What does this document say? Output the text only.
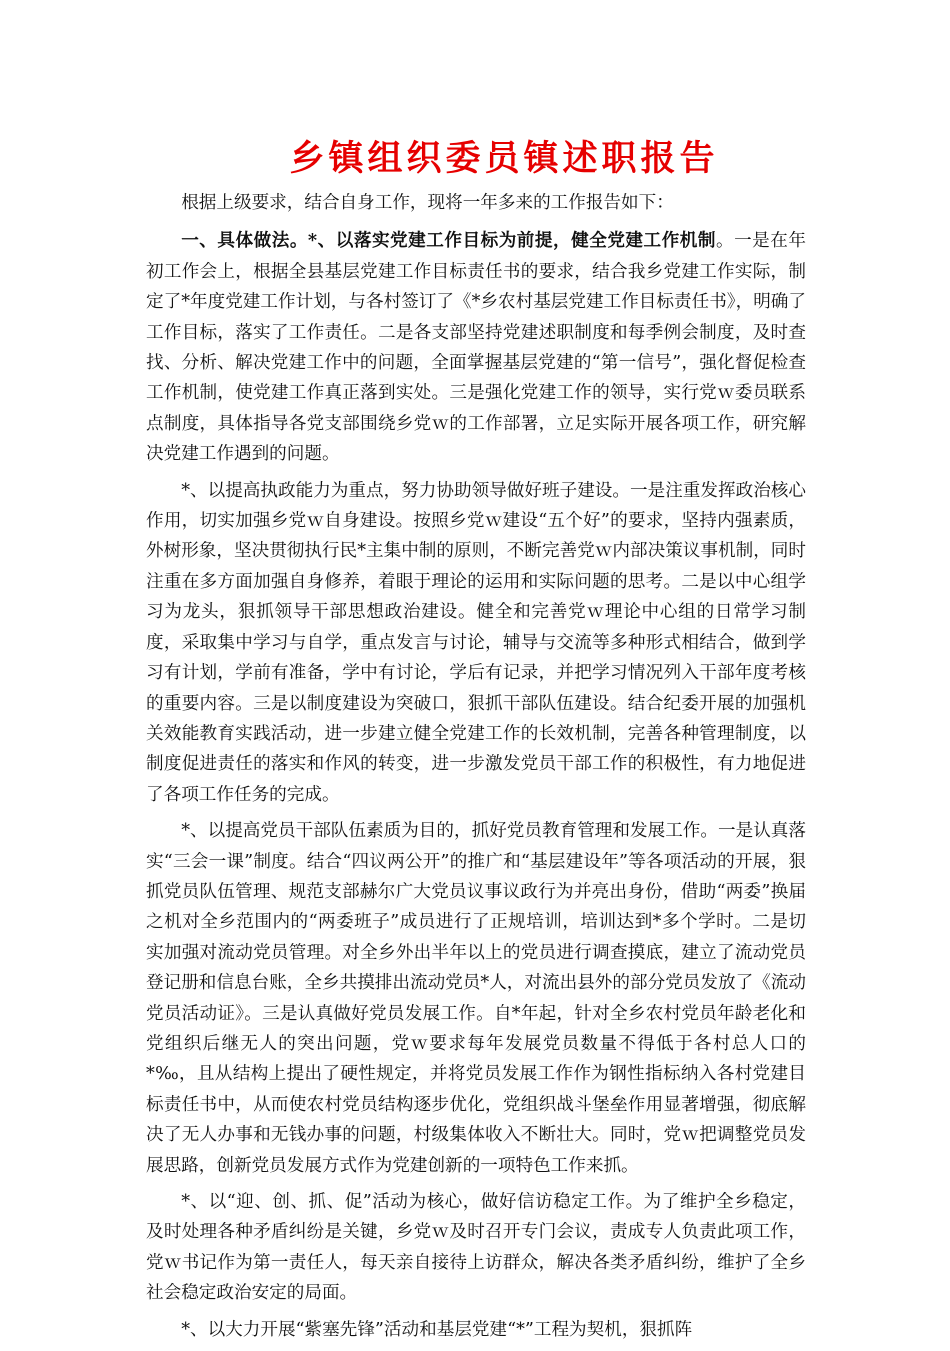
乡镇组织委员镇述职报告

根据上级要求，结合自身工作，现将一年多来的工作报告如下：

一、具体做法。*、以落实党建工作目标为前提，健全党建工作机制。一是在年初工作会上，根据全县基层党建工作目标责任书的要求，结合我乡党建工作实际，制定了*年度党建工作计划，与各村签订了《*乡农村基层党建工作目标责任书》，明确了工作目标，落实了工作责任。二是各支部坚持党建述职制度和每季例会制度，及时查找、分析、解决党建工作中的问题，全面掌握基层党建的“第一信号”，强化督促检查工作机制，使党建工作真正落到实处。三是强化党建工作的领导，实行党ｗ委员联系点制度，具体指导各党支部围绕乡党ｗ的工作部署，立足实际开展各项工作，研究解决党建工作遇到的问题。

*、以提高执政能力为重点，努力协助领导做好班子建设。一是注重发挥政治核心作用，切实加强乡党ｗ自身建设。按照乡党ｗ建设“五个好”的要求，坚持内强素质，外树形象，坚决贯彻执行民*主集中制的原则，不断完善党ｗ内部决策议事机制，同时注重在多方面加强自身修养，着眼于理论的运用和实际问题的思考。二是以中心组学习为龙头，狠抓领导干部思想政治建设。健全和完善党ｗ理论中心组的日常学习制度，采取集中学习与自学，重点发言与讨论，辅导与交流等多种形式相结合，做到学习有计划，学前有准备，学中有讨论，学后有记录，并把学习情况列入干部年度考核的重要内容。三是以制度建设为突破口，狠抓干部队伍建设。结合纪委开展的加强机关效能教育实践活动，进一步建立健全党建工作的长效机制，完善各种管理制度，以制度促进责任的落实和作风的转变，进一步激发党员干部工作的积极性，有力地促进了各项工作任务的完成。

*、以提高党员干部队伍素质为目的，抓好党员教育管理和发展工作。一是认真落实“三会一课”制度。结合“四议两公开”的推广和“基层建设年”等各项活动的开展，狠抓党员队伍管理、规范支部赫尔广大党员议事议政行为并亮出身份，借助“两委”换届之机对全乡范围内的“两委班子”成员进行了正规培训，培训达到*多个学时。二是切实加强对流动党员管理。对全乡外出半年以上的党员进行调查摸底，建立了流动党员登记册和信息台账，全乡共摸排出流动党员*人，对流出县外的部分党员发放了《流动党员活动证》。三是认真做好党员发展工作。自*年起，针对全乡农村党员年龄老化和党组织后继无人的突出问题，党ｗ要求每年发展党员数量不得低于各村总人口的*‰，且从结构上提出了硬性规定，并将党员发展工作作为钢性指标纳入各村党建目标责任书中，从而使农村党员结构逐步优化，党组织战斗堡垒作用显著增强，彻底解决了无人办事和无钱办事的问题，村级集体收入不断壮大。同时，党ｗ把调整党员发展思路，创新党员发展方式作为党建创新的一项特色工作来抓。

*、以“迎、创、抓、促”活动为核心，做好信访稳定工作。为了维护全乡稳定，及时处理各种矛盾纠纷是关键，乡党ｗ及时召开专门会议，责成专人负责此项工作，党ｗ书记作为第一责任人，每天亲自接待上访群众，解决各类矛盾纠纷，维护了全乡社会稳定政治安定的局面。

*、以大力开展“紫塞先锋”活动和基层党建“*”工程为契机，狠抓阵
